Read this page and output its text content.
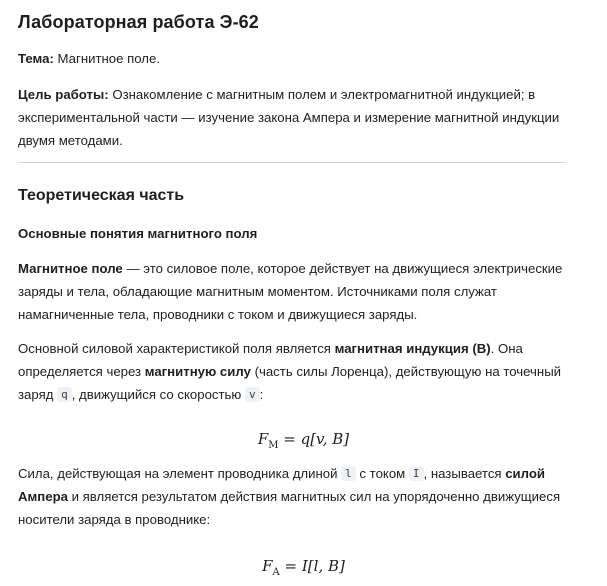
Лабораторная работа Э-62

Тема: Магнитное поле.

Цель работы: Ознакомление с магнитным полем и электромагнитной индукцией; в экспериментальной части — изучение закона Ампера и измерение магнитной индукции двумя методами.

Теоретическая часть

Основные понятия магнитного поля

Магнитное поле — это силовое поле, которое действует на движущиеся электрические заряды и тела, обладающие магнитным моментом. Источниками поля служат намагниченные тела, проводники с током и движущиеся заряды.

Основной силовой характеристикой поля является магнитная индукция (B). Она определяется через магнитную силу (часть силы Лоренца), действующую на точечный заряд q , движущийся со скоростью v :

$F_M = q[v$, B]

Сила, действующая на элемент проводника длиной l с током I , называется силой Ампера и является результатом действия магнитных сил на упорядоченно движущиеся носители заряда в проводнике:

$F_A = I[l$, B]
